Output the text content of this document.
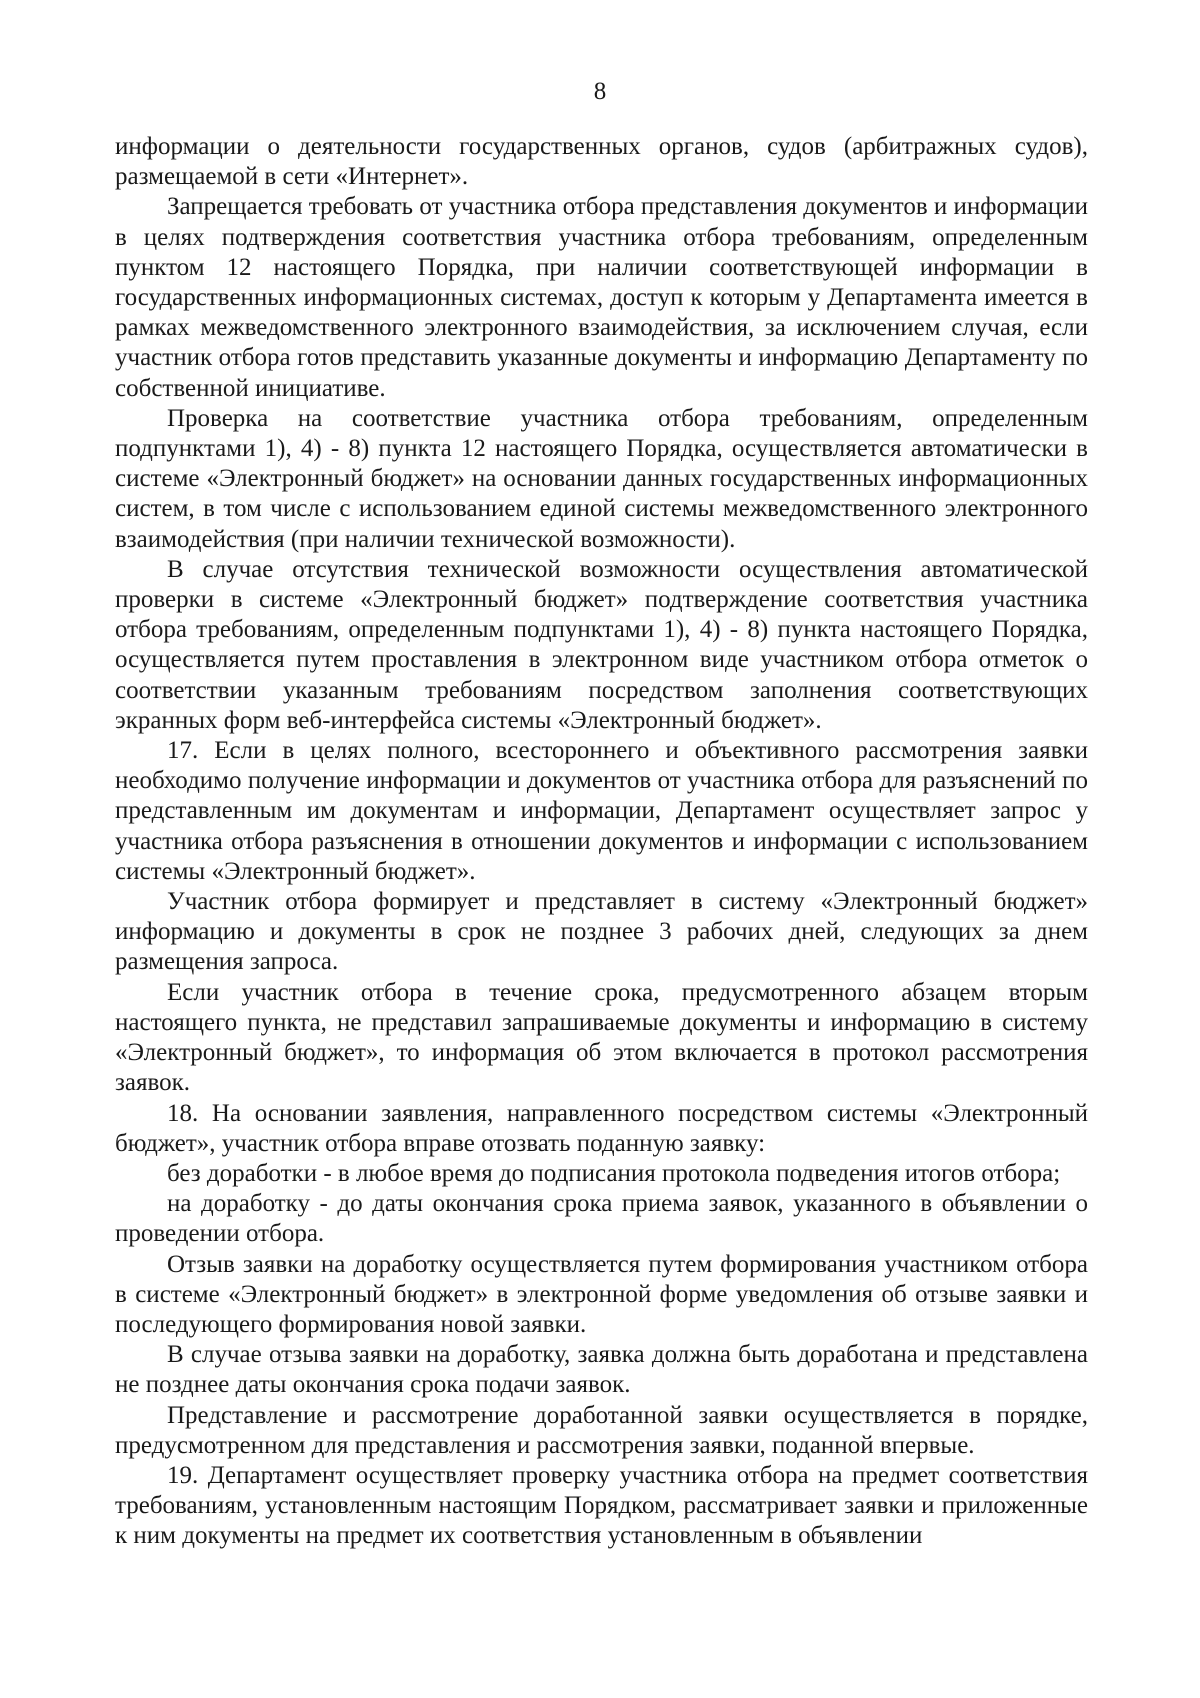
8

информации о деятельности государственных органов, судов (арбитражных судов), размещаемой в сети «Интернет».

Запрещается требовать от участника отбора представления документов и информации в целях подтверждения соответствия участника отбора требованиям, определенным пунктом 12 настоящего Порядка, при наличии соответствующей информации в государственных информационных системах, доступ к которым у Департамента имеется в рамках межведомственного электронного взаимодействия, за исключением случая, если участник отбора готов представить указанные документы и информацию Департаменту по собственной инициативе.

Проверка на соответствие участника отбора требованиям, определенным подпунктами 1), 4) - 8) пункта 12 настоящего Порядка, осуществляется автоматически в системе «Электронный бюджет» на основании данных государственных информационных систем, в том числе с использованием единой системы межведомственного электронного взаимодействия (при наличии технической возможности).

В случае отсутствия технической возможности осуществления автоматической проверки в системе «Электронный бюджет» подтверждение соответствия участника отбора требованиям, определенным подпунктами 1), 4) - 8) пункта настоящего Порядка, осуществляется путем проставления в электронном виде участником отбора отметок о соответствии указанным требованиям посредством заполнения соответствующих экранных форм веб-интерфейса системы «Электронный бюджет».

17. Если в целях полного, всестороннего и объективного рассмотрения заявки необходимо получение информации и документов от участника отбора для разъяснений по представленным им документам и информации, Департамент осуществляет запрос у участника отбора разъяснения в отношении документов и информации с использованием системы «Электронный бюджет».

Участник отбора формирует и представляет в систему «Электронный бюджет» информацию и документы в срок не позднее 3 рабочих дней, следующих за днем размещения запроса.

Если участник отбора в течение срока, предусмотренного абзацем вторым настоящего пункта, не представил запрашиваемые документы и информацию в систему «Электронный бюджет», то информация об этом включается в протокол рассмотрения заявок.

18. На основании заявления, направленного посредством системы «Электронный бюджет», участник отбора вправе отозвать поданную заявку:

без доработки - в любое время до подписания протокола подведения итогов отбора;

на доработку - до даты окончания срока приема заявок, указанного в объявлении о проведении отбора.

Отзыв заявки на доработку осуществляется путем формирования участником отбора в системе «Электронный бюджет» в электронной форме уведомления об отзыве заявки и последующего формирования новой заявки.

В случае отзыва заявки на доработку, заявка должна быть доработана и представлена не позднее даты окончания срока подачи заявок.

Представление и рассмотрение доработанной заявки осуществляется в порядке, предусмотренном для представления и рассмотрения заявки, поданной впервые.

19. Департамент осуществляет проверку участника отбора на предмет соответствия требованиям, установленным настоящим Порядком, рассматривает заявки и приложенные к ним документы на предмет их соответствия установленным в объявлении
